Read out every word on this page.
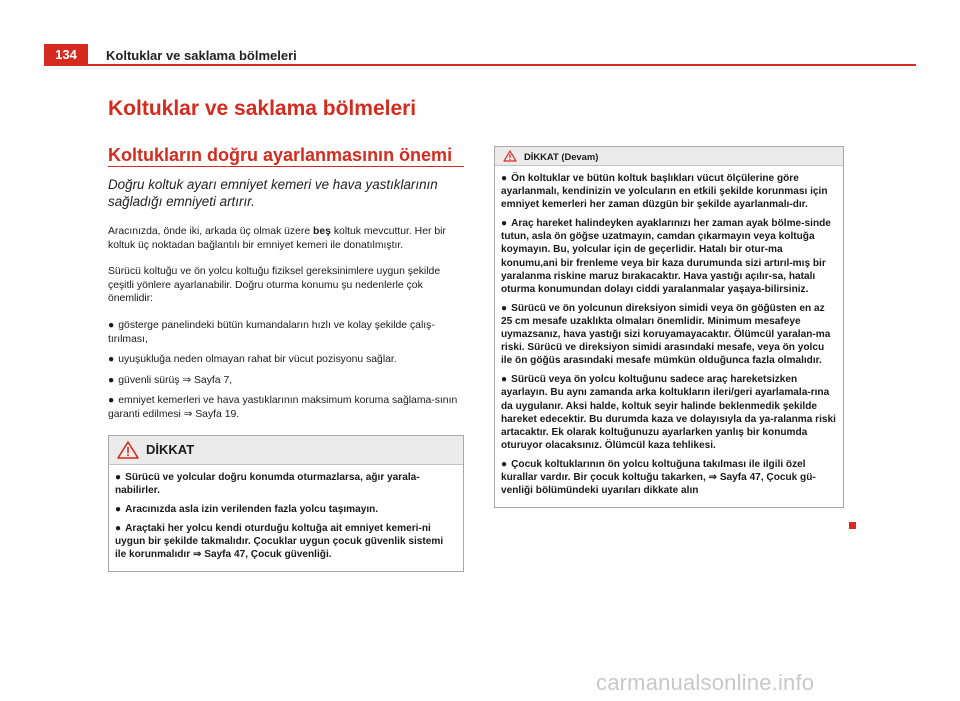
134	Koltuklar ve saklama bölmeleri
Koltuklar ve saklama bölmeleri
Koltukların doğru ayarlanmasının önemi

Doğru koltuk ayarı emniyet kemeri ve hava yastıklarının sağladığı emniyeti artırır.

Aracınızda, önde iki, arkada üç olmak üzere beş koltuk mevcuttur. Her bir koltuk üç noktadan bağlantılı bir emniyet kemeri ile donatılmıştır.

Sürücü koltuğu ve ön yolcu koltuğu fiziksel gereksinimlere uygun şekilde çeşitli yönlere ayarlanabilir. Doğru oturma konumu şu nedenlerle çok önemlidir:

● gösterge panelindeki bütün kumandaların hızlı ve kolay şekilde çalış-tırılması,
● uyuşukluğa neden olmayan rahat bir vücut pozisyonu sağlar.
● güvenli sürüş ⇒ Sayfa 7,
● emniyet kemerleri ve hava yastıklarının maksimum koruma sağlama-sının garanti edilmesi ⇒ Sayfa 19.
DİKKAT

● Sürücü ve yolcular doğru konumda oturmazlarsa, ağır yarala-nabilirler.

● Aracınızda asla izin verilenden fazla yolcu taşımayın.

● Araçtaki her yolcu kendi oturduğu koltuğa ait emniyet kemeri-ni uygun bir şekilde takmalıdır. Çocuklar uygun çocuk güvenlik sistemi ile korunmalıdır ⇒ Sayfa 47, Çocuk güvenliği.

DİKKAT (Devam)

● Ön koltuklar ve bütün koltuk başlıkları vücut ölçülerine göre ayarlanmalı, kendinizin ve yolcuların en etkili şekilde korunması için emniyet kemerleri her zaman düzgün bir şekilde ayarlanmalı-dır.

● Araç hareket halindeyken ayaklarınızı her zaman ayak bölme-sinde tutun, asla ön göğse uzatmayın, camdan çıkarmayın veya koltuğa koymayın. Bu, yolcular için de geçerlidir. Hatalı bir otur-ma konumu,ani bir frenleme veya bir kaza durumunda sizi artırıl-mış bir yaralanma riskine maruz bırakacaktır. Hava yastığı açılır-sa, hatalı oturma konumundan dolayı ciddi yaralanmalar yaşaya-bilirsiniz.

● Sürücü ve ön yolcunun direksiyon simidi veya ön göğüsten en az 25 cm mesafe uzaklıkta olmaları önemlidir. Minimum mesafeye uymazsanız, hava yastığı sizi koruyamayacaktır. Ölümcül yaralan-ma riski. Sürücü ve direksiyon simidi arasındaki mesafe, veya ön yolcu ile ön göğüs arasındaki mesafe mümkün olduğunca fazla olmalıdır.

● Sürücü veya ön yolcu koltuğunu sadece araç hareketsizken ayarlayın. Bu aynı zamanda arka koltukların ileri/geri ayarlamala-rına da uygulanır. Aksi halde, koltuk seyir halinde beklenmedik şekilde hareket edecektir. Bu durumda kaza ve dolayısıyla da ya-ralanma riski artacaktır. Ek olarak koltuğunuzu ayarlarken yanlış bir konumda oturuyor olacaksınız. Ölümcül kaza tehlikesi.

● Çocuk koltuklarının ön yolcu koltuğuna takılması ile ilgili özel kurallar vardır. Bir çocuk koltuğu takarken, ⇒ Sayfa 47, Çocuk gü-venliği bölümündeki uyarıları dikkate alın

carmanualsonline.info
